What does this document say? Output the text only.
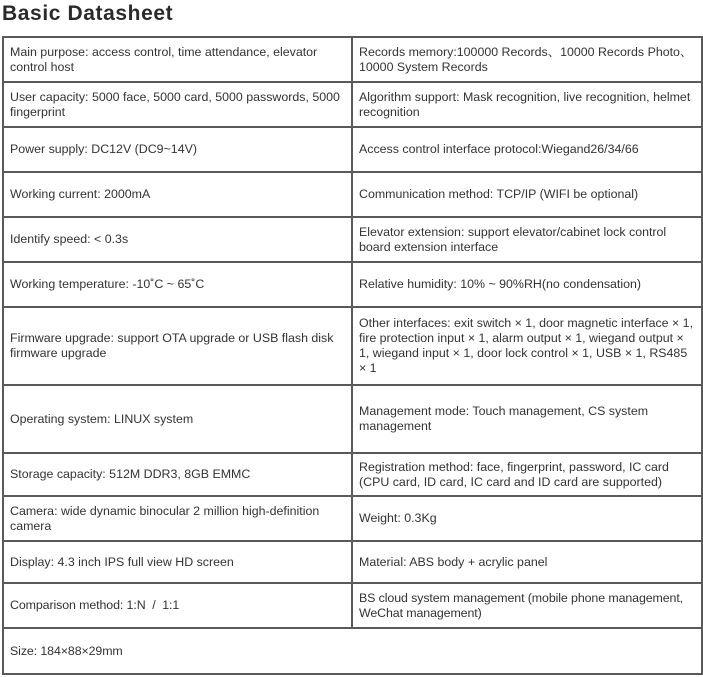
Basic Datasheet
Main purpose: access control, time attendance, elevator control host	Records memory:100000 Records、10000 Records Photo、10000 System Records
User capacity: 5000 face, 5000 card, 5000 passwords, 5000 fingerprint	Algorithm support: Mask recognition, live recognition, helmet recognition
Power supply: DC12V (DC9~14V)	Access control interface protocol:Wiegand26/34/66
Working current: 2000mA	Communication method: TCP/IP (WIFI be optional)
Identify speed: < 0.3s	Elevator extension: support elevator/cabinet lock control board extension interface
Working temperature: -10˚C ~ 65˚C	Relative humidity: 10% ~ 90%RH(no condensation)
Firmware upgrade: support OTA upgrade or USB flash disk firmware upgrade	Other interfaces: exit switch × 1, door magnetic interface × 1, fire protection input × 1, alarm output × 1, wiegand output × 1, wiegand input × 1, door lock control × 1, USB × 1, RS485 × 1
Operating system: LINUX system	Management mode: Touch management, CS system management
Storage capacity: 512M DDR3, 8GB EMMC	Registration method: face, fingerprint, password, IC card (CPU card, ID card, IC card and ID card are supported)
Camera: wide dynamic binocular 2 million high-definition camera	Weight: 0.3Kg
Display: 4.3 inch IPS full view HD screen	Material: ABS body + acrylic panel
Comparison method: 1:N  /  1:1	BS cloud system management (mobile phone management, WeChat management)
Size: 184×88×29mm	
